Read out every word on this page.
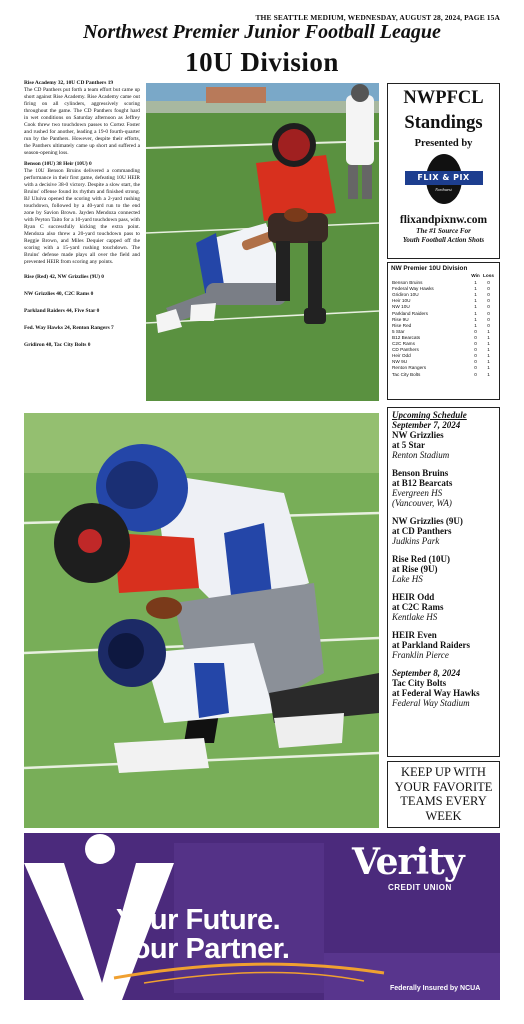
THE SEATTLE MEDIUM, WEDNESDAY, AUGUST 28, 2024, PAGE 15A
Northwest Premier Junior Football League
10U Division

Rise Academy 32, 10U CD Panthers 19
The CD Panthers put forth a team effort but came up short against Rise Academy. Rise Academy came out firing on all cylinders, aggressively scoring throughout the game. The CD Panthers fought hard in wet conditions on Saturday afternoon as Jeffrey Cook threw two touchdown passes to Cortez Foster and rushed for another, leading a 19-0 fourth-quarter run by the Panthers. However, despite their efforts, the Panthers ultimately came up short and suffered a season-opening loss.

Benson (10U) 38 Heir (10U) 0
The 10U Benson Bruins delivered a commanding performance in their first game, defeating 10U HEIR with a decisive 38-0 victory. Despite a slow start, the Bruins' offense found its rhythm and finished strong. BJ Uluiva opened the scoring with a 2-yard rushing touchdown, followed by a 40-yard run to the end zone by Savion Brown. Jayden Mendoza connected with Peyton Taito for a 10-yard touchdown pass, with Ryan C successfully kicking the extra point. Mendoza also threw a 20-yard touchdown pass to Reggie Brown, and Miles Dequier capped off the scoring with a 15-yard rushing touchdown. The Bruins' defense made plays all over the field and prevented HEIR from scoring any points.

Rise (Red) 42, NW Grizzlies (9U) 0
NW Grizzlies 40, C2C Rams 0
Parkland Raiders 44, Five Star 0
Fed. Way Hawks 24, Renton Rangers 7
Gridiron 48, Tac City Bolts 0
NWPFCL
Standings
Presented by
FLIX & PIX
Northwest
flixandpixnw.com
The #1 Source For
Youth Football Action Shots
NW Premier 10U Division
Win Loss
Benson Bruins	1	0
Federal Way Hawks	1	0
Gridiron 10U	1	0
Heir 10U	1	0
NW 10U	1	0
Parkland Raiders	1	0
Rise 9U	1	0
Rise Red	1	0
5 Star	0	1
B12 Bearcats	0	1
C2C Rams	0	1
CD Panthers	0	1
Heir Odd	0	1
NW 9U	0	1
Renton Rangers	0	1
Tac City Bolts	0	1
Upcoming Schedule
September 7, 2024
NW Grizzlies
at 5 Star
Renton Stadium
Benson Bruins
at B12 Bearcats
Evergreen HS
(Vancouver, WA)
NW Grizzlies (9U)
at CD Panthers
Judkins Park
Rise Red (10U)
at Rise (9U)
Lake HS
HEIR Odd
at C2C Rams
Kentlake HS
HEIR Even
at Parkland Raiders
Franklin Pierce
September 8, 2024
Tac City Bolts
at Federal Way Hawks
Federal Way Stadium
KEEP UP WITH
YOUR FAVORITE
TEAMS EVERY
WEEK
Verity
CREDIT UNION
Your Future.
Your Partner.
Federally Insured by NCUA
